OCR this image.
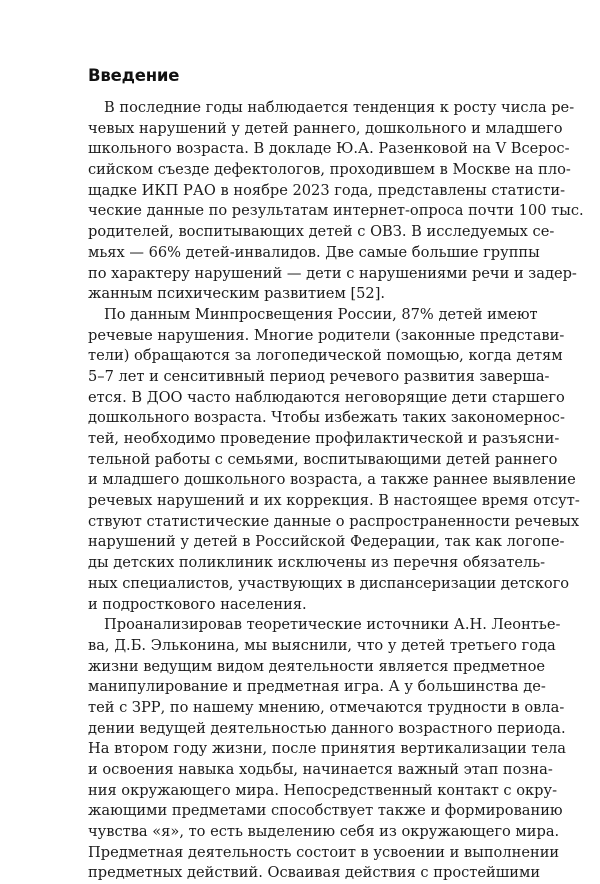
Введение
В последние годы наблюдается тенденция к росту числа ре-
чевых нарушений у детей раннего, дошкольного и младшего
школьного возраста. В докладе Ю.А. Разенковой на V Всерос-
сийском съезде дефектологов, проходившем в Москве на пло-
щадке ИКП РАО в ноябре 2023 года, представлены статисти-
ческие данные по результатам интернет-опроса почти 100 тыс.
родителей, воспитывающих детей с ОВЗ. В исследуемых се-
мьях — 66% детей-инвалидов. Две самые большие группы
по характеру нарушений — дети с нарушениями речи и задер-
жанным психическим развитием [52].
По данным Минпросвещения России, 87% детей имеют
речевые нарушения. Многие родители (законные представи-
тели) обращаются за логопедической помощью, когда детям
5–7 лет и сенситивный период речевого развития заверша-
ется. В ДОО часто наблюдаются неговорящие дети старшего
дошкольного возраста. Чтобы избежать таких закономернос-
тей, необходимо проведение профилактической и разъясни-
тельной работы с семьями, воспитывающими детей раннего
и младшего дошкольного возраста, а также раннее выявление
речевых нарушений и их коррекция. В настоящее время отсут-
ствуют статистические данные о распространенности речевых
нарушений у детей в Российской Федерации, так как логопе-
ды детских поликлиник исключены из перечня обязатель-
ных специалистов, участвующих в диспансеризации детского
и подросткового населения.
Проанализировав теоретические источники А.Н. Леонтье-
ва, Д.Б. Эльконина, мы выяснили, что у детей третьего года
жизни ведущим видом деятельности является предметное
манипулирование и предметная игра. А у большинства де-
тей с ЗРР, по нашему мнению, отмечаются трудности в овла-
дении ведущей деятельностью данного возрастного периода.
На втором году жизни, после принятия вертикализации тела
и освоения навыка ходьбы, начинается важный этап позна-
ния окружающего мира. Непосредственный контакт с окру-
жающими предметами способствует также и формированию
чувства «я», то есть выделению себя из окружающего мира.
Предметная деятельность состоит в усвоении и выполнении
предметных действий. Осваивая действия с простейшими
